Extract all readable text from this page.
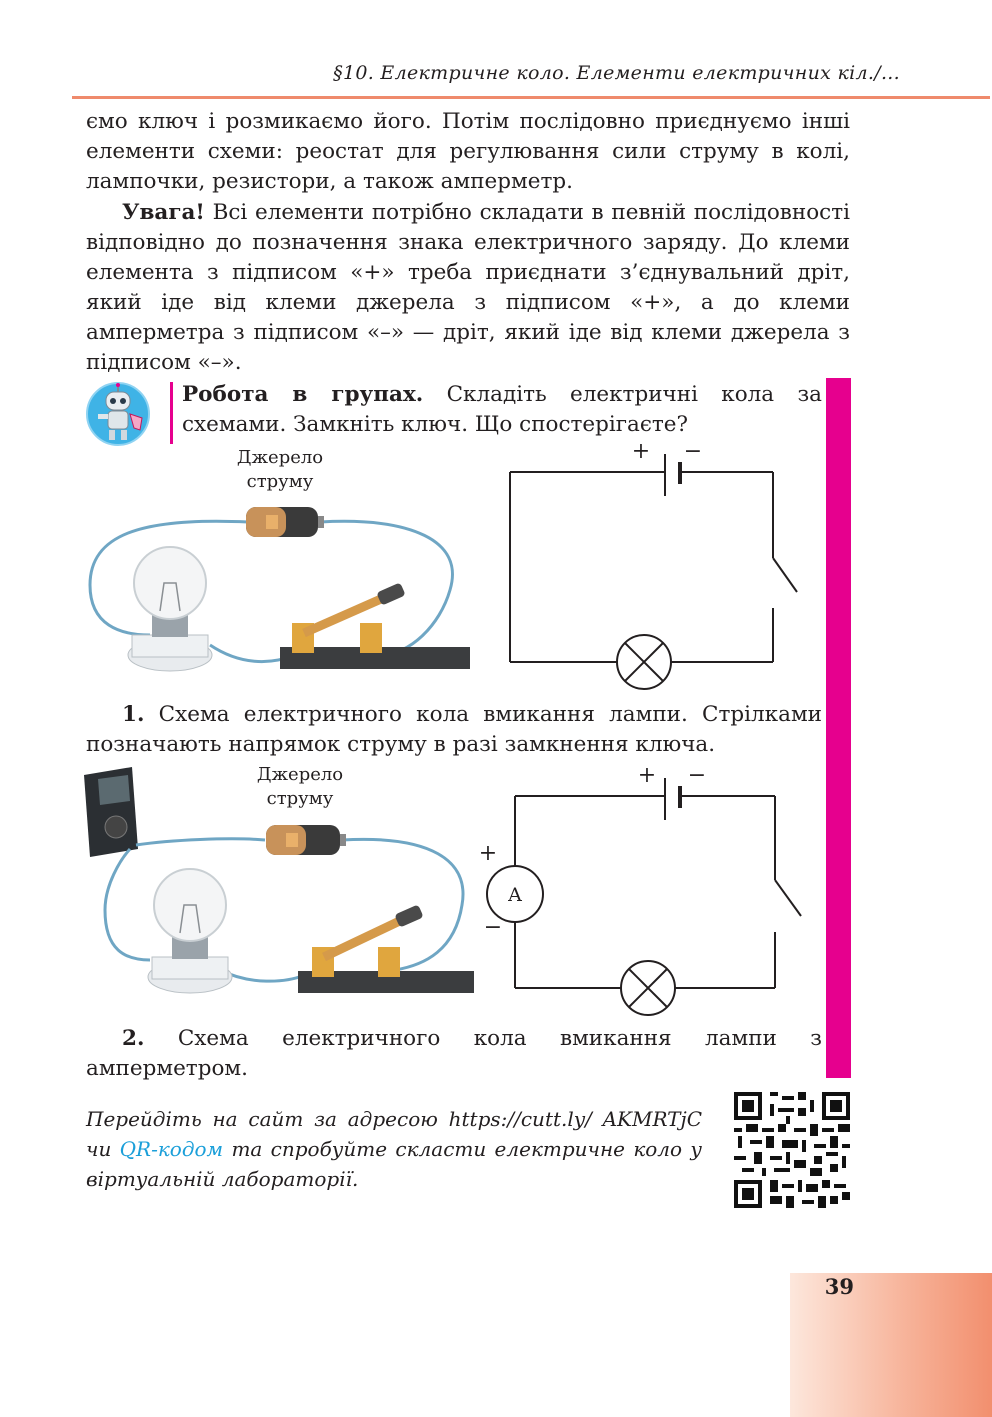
§10. Електричне коло. Елементи електричних кіл./...
ємо ключ і розмикаємо його. Потім послідовно приєднуємо інші елементи схеми: реостат для регулювання сили струму в колі, лампочки, резистори, а також амперметр.
Увага! Всі елементи потрібно складати в певній послідовності відповідно до позначення знака електричного заряду. До клеми елемента з підписом «+» треба приєднати з’єднувальний дріт, який іде від клеми джерела з підписом «+», а до клеми амперметра з підписом «–» — дріт, який іде від клеми джерела з підписом «–».
Робота в групах. Складіть електричні кола за схемами. Замкніть ключ. Що спостерігаєте?
Джерело
струму
+ −
1. Схема електричного кола вмикання лампи. Стрілками позначають напрямок струму в разі замкнення ключа.
Джерело
струму
+ −
+
−
A
2. Схема електричного кола вмикання лампи з амперметром.
Перейдіть на сайт за адресою https://cutt.ly/ AKMRTjC чи QR-кодом та спробуйте скласти електричне коло у віртуальній лабораторії.
39
